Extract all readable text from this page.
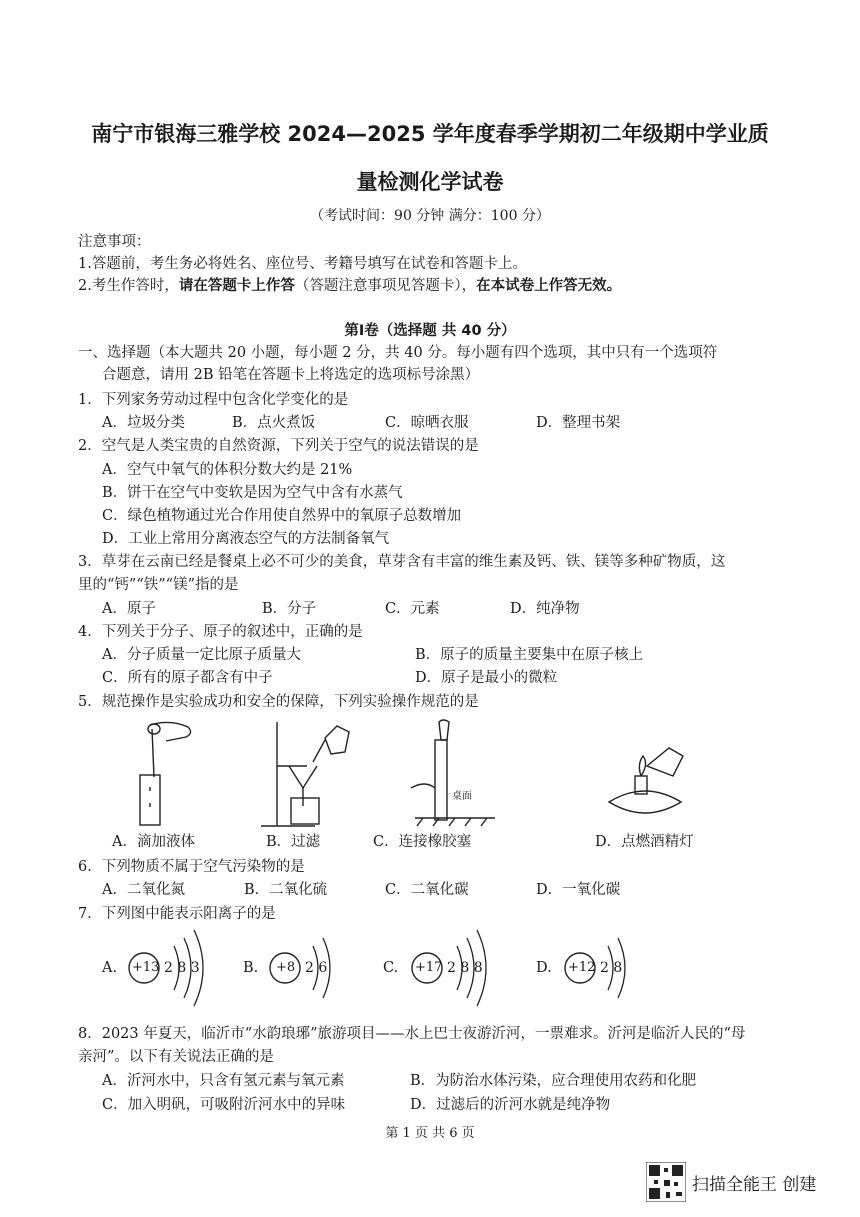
南宁市银海三雅学校 2024—2025 学年度春季学期初二年级期中学业质
量检测化学试卷
（考试时间：90 分钟 满分：100 分）
注意事项：
1.答题前，考生务必将姓名、座位号、考籍号填写在试卷和答题卡上。
2.考生作答时，请在答题卡上作答（答题注意事项见答题卡），在本试卷上作答无效。
第Ⅰ卷（选择题 共 40 分）
一、选择题（本大题共 20 小题，每小题 2 分，共 40 分。每小题有四个选项，其中只有一个选项符
合题意，请用 2B 铅笔在答题卡上将选定的选项标号涂黑）
1．下列家务劳动过程中包含化学变化的是
A．垃圾分类	B．点火煮饭	C．晾晒衣服	D．整理书架
2．空气是人类宝贵的自然资源，下列关于空气的说法错误的是
A．空气中氧气的体积分数大约是 21%
B．饼干在空气中变软是因为空气中含有水蒸气
C．绿色植物通过光合作用使自然界中的氧原子总数增加
D．工业上常用分离液态空气的方法制备氧气
3．草芽在云南已经是餐桌上必不可少的美食，草芽含有丰富的维生素及钙、铁、镁等多种矿物质，这
里的“钙”“铁”“镁”指的是
A．原子	B．分子	C．元素	D．纯净物
4．下列关于分子、原子的叙述中，正确的是
A．分子质量一定比原子质量大	B．原子的质量主要集中在原子核上
C．所有的原子都含有中子	D．原子是最小的微粒
5．规范操作是实验成功和安全的保障，下列实验操作规范的是
A．滴加液体	B．过滤
桌面
C．连接橡胶塞	D．点燃酒精灯
6．下列物质不属于空气污染物的是
A．二氧化氮	B．二氧化硫	C．二氧化碳	D．一氧化碳
7．下列图中能表示阳离子的是
A. +13 2 8 3	B. +8 2 6	C. +17 2 8 8	D. +12 2 8
8．2023 年夏天，临沂市“水韵琅琊”旅游项目——水上巴士夜游沂河，一票难求。沂河是临沂人民的“母
亲河”。以下有关说法正确的是
A．沂河水中，只含有氢元素与氧元素	B．为防治水体污染，应合理使用农药和化肥
C．加入明矾，可吸附沂河水中的异味	D．过滤后的沂河水就是纯净物
第 1 页 共 6 页
扫描全能王 创建
